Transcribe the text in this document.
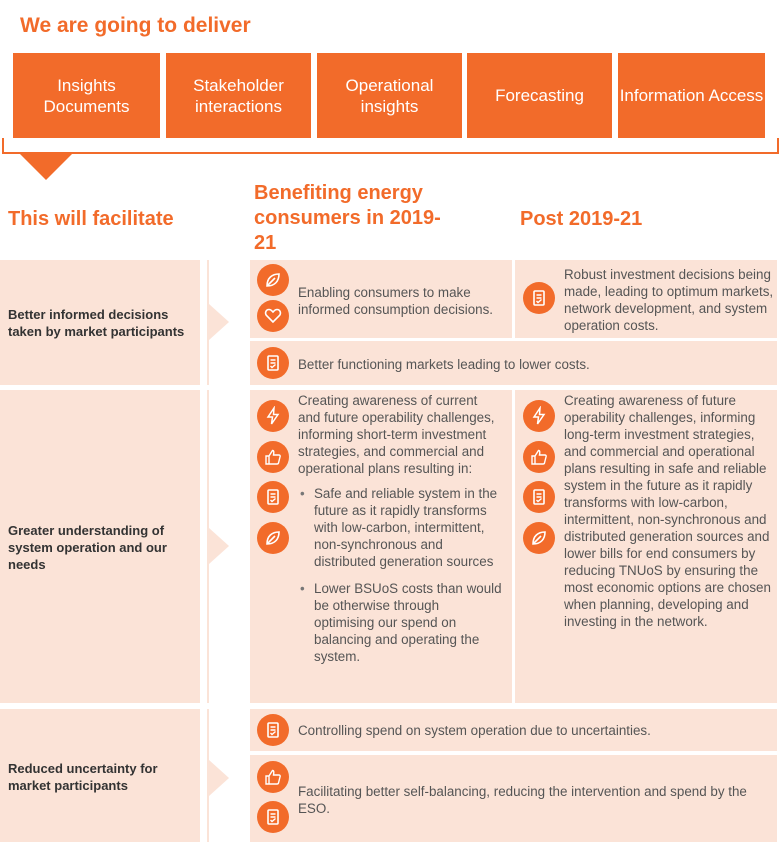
We are going to deliver
Insights Documents
Stakeholder interactions
Operational insights
Forecasting	Information Access
This will facilitate
Benefiting energy consumers in 2019-21
Post 2019-21
Better informed decisions taken by market participants
Enabling consumers to make informed consumption decisions.
Robust investment decisions being made, leading to optimum markets, network development, and system operation costs.
Better functioning markets leading to lower costs.
Greater understanding of system operation and our needs
Creating awareness of current and future operability challenges, informing short-term investment strategies, and commercial and operational plans resulting in:
• Safe and reliable system in the future as it rapidly transforms with low-carbon, intermittent, non-synchronous and distributed generation sources
• Lower BSUoS costs than would be otherwise through optimising our spend on balancing and operating the system.
Creating awareness of future operability challenges, informing long-term investment strategies, and commercial and operational plans resulting in safe and reliable system in the future as it rapidly transforms with low-carbon, intermittent, non-synchronous and distributed generation sources and lower bills for end consumers by reducing TNUoS by ensuring the most economic options are chosen when planning, developing and investing in the network.
Reduced uncertainty for market participants
Controlling spend on system operation due to uncertainties.
Facilitating better self-balancing, reducing the intervention and spend by the ESO.
